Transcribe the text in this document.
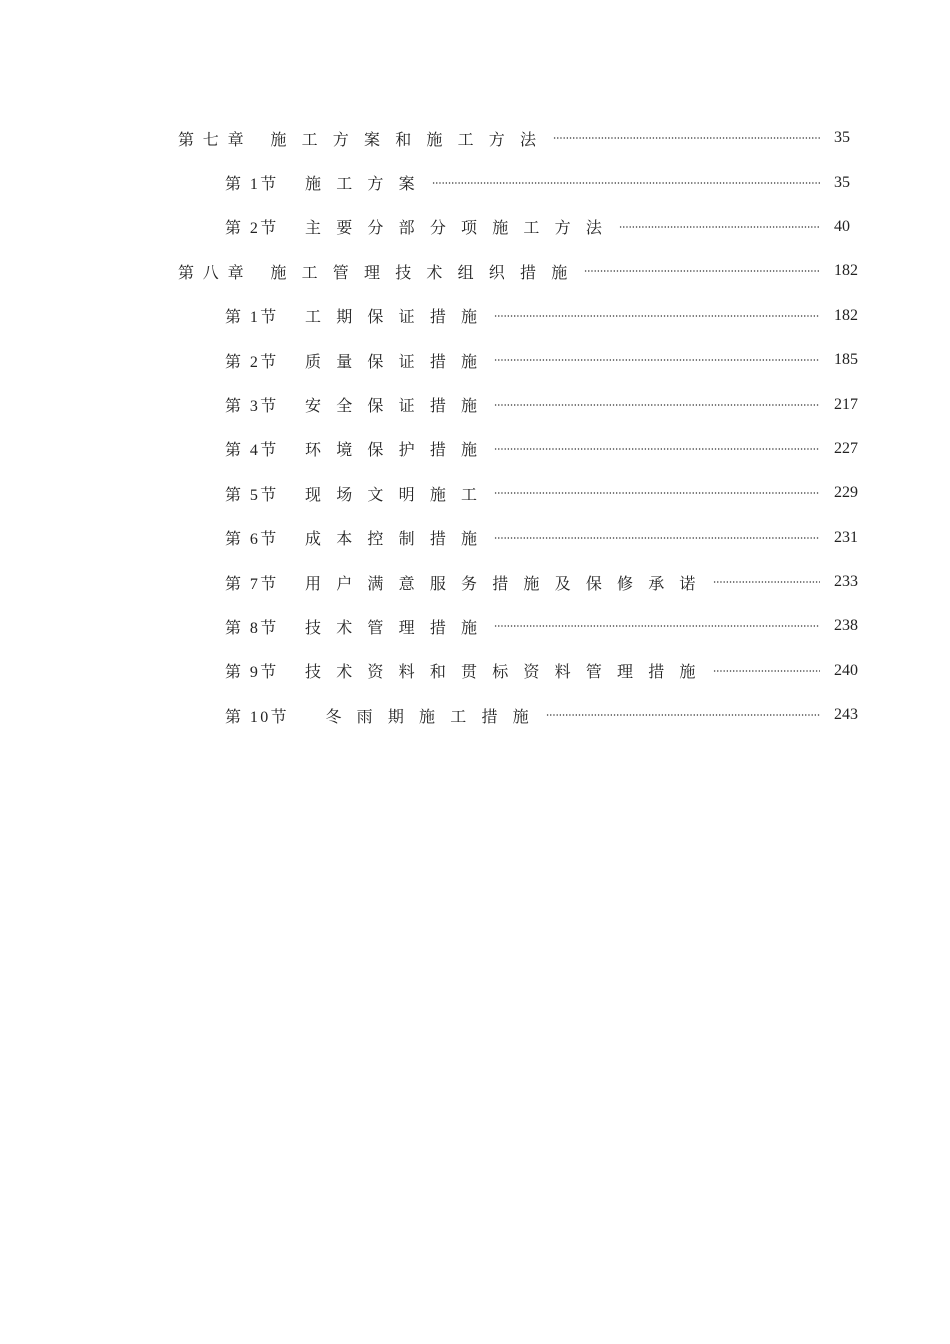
第七章 施工方案和施工方法	35
第1节 施工方案	35
第2节 主要分部分项施工方法	40
第八章 施工管理技术组织措施	182
第1节 工期保证措施	182
第2节 质量保证措施	185
第3节 安全保证措施	217
第4节 环境保护措施	227
第5节 现场文明施工	229
第6节 成本控制措施	231
第7节 用户满意服务措施及保修承诺	233
第8节 技术管理措施	238
第9节 技术资料和贯标资料管理措施	240
第10节 冬雨期施工措施	243
